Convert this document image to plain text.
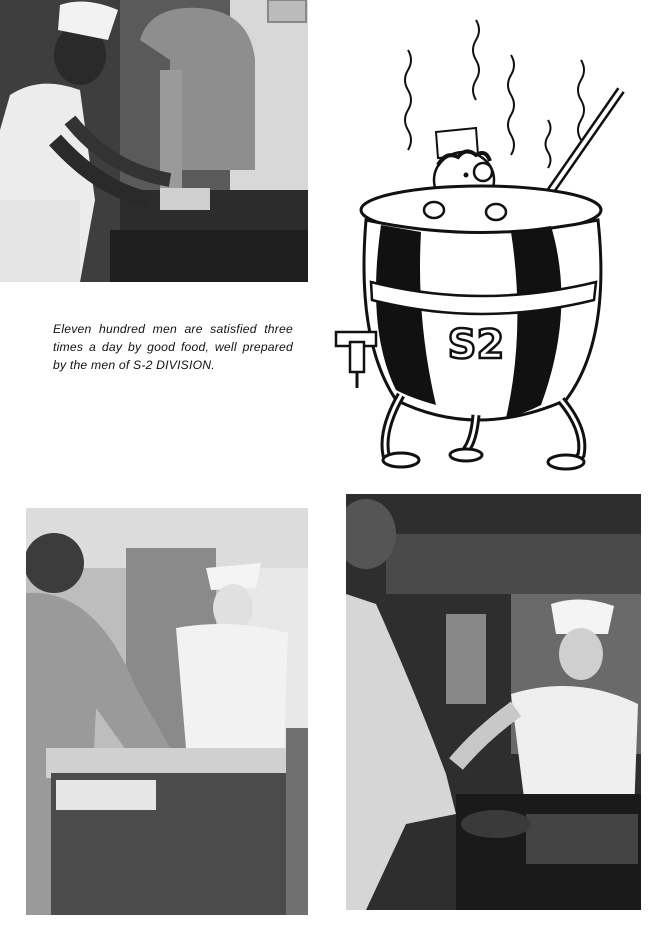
S2
Eleven hundred men are satisfied three times a day by good food, well prepared by the men of S-2 DIVISION.
